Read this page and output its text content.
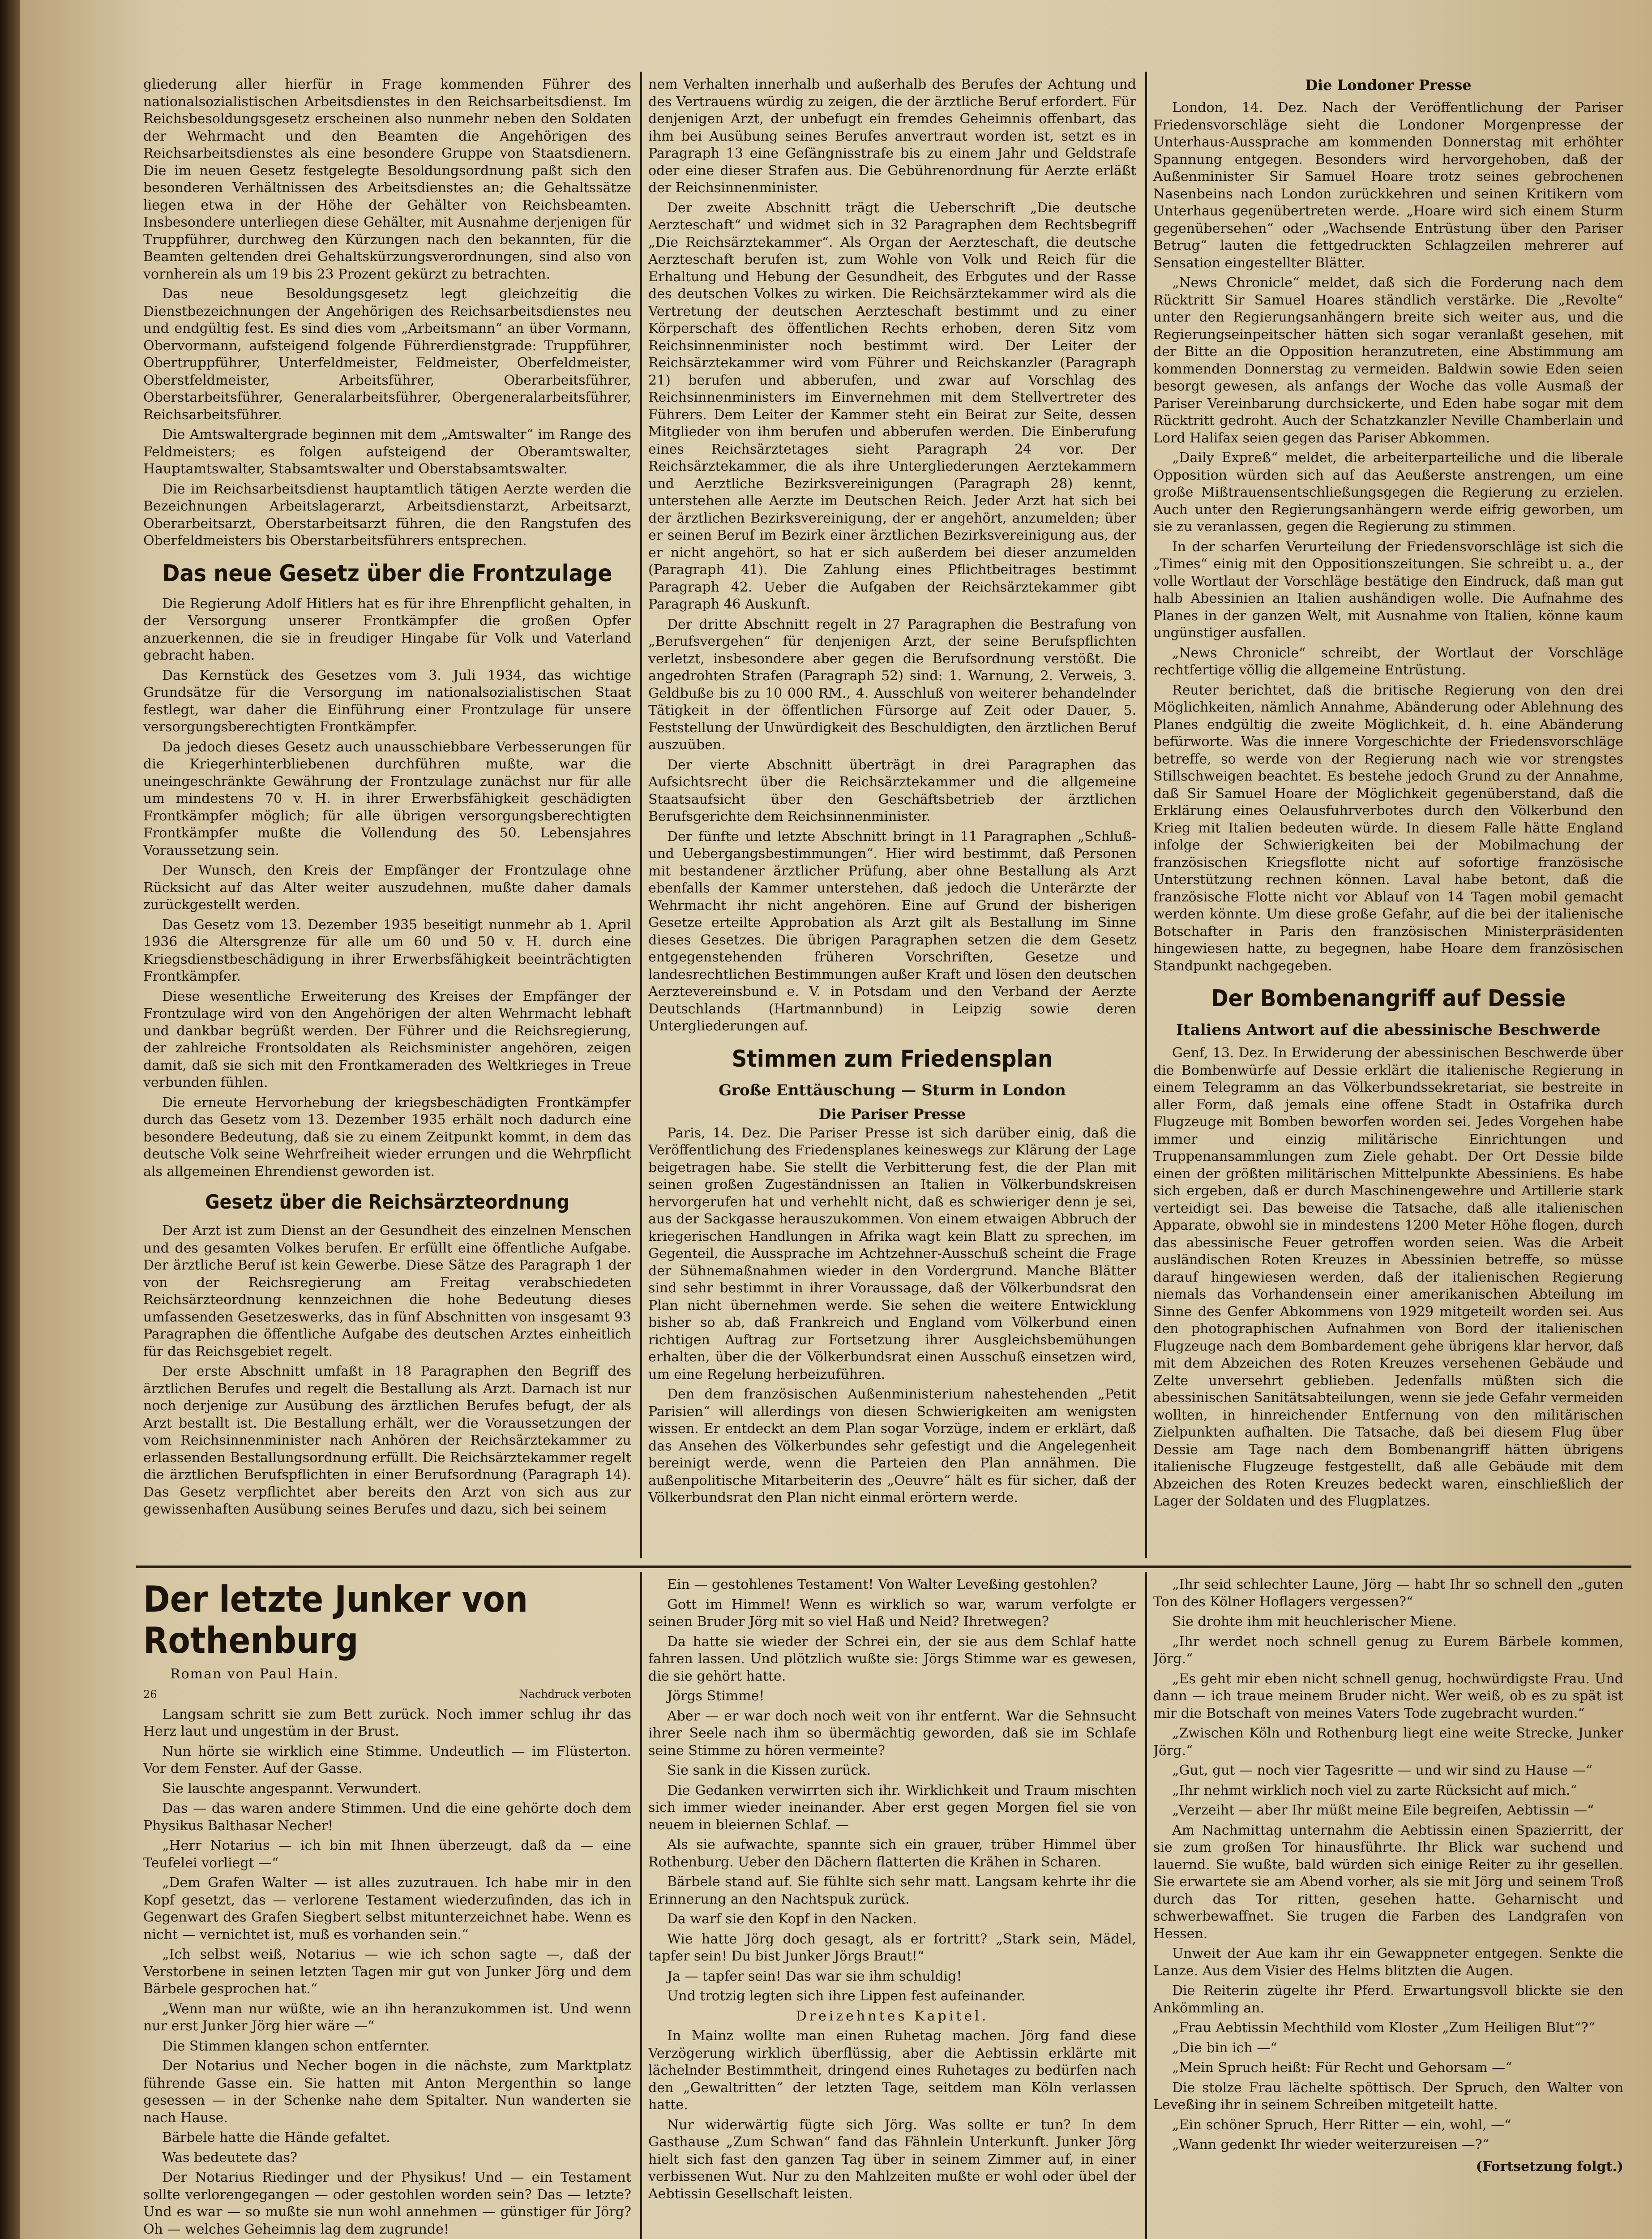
gliederung aller hierfür in Frage kommenden Führer des nationalsozialistischen Arbeitsdienstes in den Reichsarbeitsdienst. Im Reichsbesoldungsgesetz erscheinen also nunmehr neben den Soldaten der Wehrmacht und den Beamten die Angehörigen des Reichsarbeitsdienstes als eine besondere Gruppe von Staatsdienern. Die im neuen Gesetz festgelegte Besoldungsordnung paßt sich den besonderen Verhältnissen des Arbeitsdienstes an; die Gehaltssätze liegen etwa in der Höhe der Gehälter von Reichsbeamten. Insbesondere unterliegen diese Gehälter, mit Ausnahme derjenigen für Truppführer, durchweg den Kürzungen nach den bekannten, für die Beamten geltenden drei Gehaltskürzungsverordnungen, sind also von vornherein als um 19 bis 23 Prozent gekürzt zu betrachten.

Das neue Besoldungsgesetz legt gleichzeitig die Dienstbezeichnungen der Angehörigen des Reichsarbeitsdienstes neu und endgültig fest. Es sind dies vom „Arbeitsmann“ an über Vormann, Obervormann, aufsteigend folgende Führerdienstgrade: Truppführer, Obertruppführer, Unterfeldmeister, Feldmeister, Oberfeldmeister, Oberstfeldmeister, Arbeitsführer, Oberarbeitsführer, Oberstarbeitsführer, Generalarbeitsführer, Obergeneralarbeitsführer, Reichsarbeitsführer.

Die Amtswaltergrade beginnen mit dem „Amtswalter“ im Range des Feldmeisters; es folgen aufsteigend der Oberamtswalter, Hauptamtswalter, Stabsamtswalter und Oberstabsamtswalter.

Die im Reichsarbeitsdienst hauptamtlich tätigen Aerzte werden die Bezeichnungen Arbeitslagerarzt, Arbeitsdienstarzt, Arbeitsarzt, Oberarbeitsarzt, Oberstarbeitsarzt führen, die den Rangstufen des Oberfeldmeisters bis Oberstarbeitsführers entsprechen.

Das neue Gesetz über die Frontzulage

Die Regierung Adolf Hitlers hat es für ihre Ehrenpflicht gehalten, in der Versorgung unserer Frontkämpfer die großen Opfer anzuerkennen, die sie in freudiger Hingabe für Volk und Vaterland gebracht haben.

Das Kernstück des Gesetzes vom 3. Juli 1934, das wichtige Grundsätze für die Versorgung im nationalsozialistischen Staat festlegt, war daher die Einführung einer Frontzulage für unsere versorgungsberechtigten Frontkämpfer.

Da jedoch dieses Gesetz auch unausschiebbare Verbesserungen für die Kriegerhinterbliebenen durchführen mußte, war die uneingeschränkte Gewährung der Frontzulage zunächst nur für alle um mindestens 70 v. H. in ihrer Erwerbsfähigkeit geschädigten Frontkämpfer möglich; für alle übrigen versorgungsberechtigten Frontkämpfer mußte die Vollendung des 50. Lebensjahres Voraussetzung sein.

Der Wunsch, den Kreis der Empfänger der Frontzulage ohne Rücksicht auf das Alter weiter auszudehnen, mußte daher damals zurückgestellt werden.

Das Gesetz vom 13. Dezember 1935 beseitigt nunmehr ab 1. April 1936 die Altersgrenze für alle um 60 und 50 v. H. durch eine Kriegsdienstbeschädigung in ihrer Erwerbsfähigkeit beeinträchtigten Frontkämpfer.

Diese wesentliche Erweiterung des Kreises der Empfänger der Frontzulage wird von den Angehörigen der alten Wehrmacht lebhaft und dankbar begrüßt werden. Der Führer und die Reichsregierung, der zahlreiche Frontsoldaten als Reichsminister angehören, zeigen damit, daß sie sich mit den Frontkameraden des Weltkrieges in Treue verbunden fühlen.

Die erneute Hervorhebung der kriegsbeschädigten Frontkämpfer durch das Gesetz vom 13. Dezember 1935 erhält noch dadurch eine besondere Bedeutung, daß sie zu einem Zeitpunkt kommt, in dem das deutsche Volk seine Wehrfreiheit wieder errungen und die Wehrpflicht als allgemeinen Ehrendienst geworden ist.

Gesetz über die Reichsärzteordnung

Der Arzt ist zum Dienst an der Gesundheit des einzelnen Menschen und des gesamten Volkes berufen. Er erfüllt eine öffentliche Aufgabe. Der ärztliche Beruf ist kein Gewerbe. Diese Sätze des Paragraph 1 der von der Reichsregierung am Freitag verabschiedeten Reichsärzteordnung kennzeichnen die hohe Bedeutung dieses umfassenden Gesetzeswerks, das in fünf Abschnitten von insgesamt 93 Paragraphen die öffentliche Aufgabe des deutschen Arztes einheitlich für das Reichsgebiet regelt.

Der erste Abschnitt umfaßt in 18 Paragraphen den Begriff des ärztlichen Berufes und regelt die Bestallung als Arzt. Darnach ist nur noch derjenige zur Ausübung des ärztlichen Berufes befugt, der als Arzt bestallt ist. Die Bestallung erhält, wer die Voraussetzungen der vom Reichsinnenminister nach Anhören der Reichsärztekammer zu erlassenden Bestallungsordnung erfüllt. Die Reichsärztekammer regelt die ärztlichen Berufspflichten in einer Berufsordnung (Paragraph 14). Das Gesetz verpflichtet aber bereits den Arzt von sich aus zur gewissenhaften Ausübung seines Berufes und dazu, sich bei seinem

nem Verhalten innerhalb und außerhalb des Berufes der Achtung und des Vertrauens würdig zu zeigen, die der ärztliche Beruf erfordert. Für denjenigen Arzt, der unbefugt ein fremdes Geheimnis offenbart, das ihm bei Ausübung seines Berufes anvertraut worden ist, setzt es in Paragraph 13 eine Gefängnisstrafe bis zu einem Jahr und Geldstrafe oder eine dieser Strafen aus. Die Gebührenordnung für Aerzte erläßt der Reichsinnenminister.

Der zweite Abschnitt trägt die Ueberschrift „Die deutsche Aerzteschaft“ und widmet sich in 32 Paragraphen dem Rechtsbegriff „Die Reichsärztekammer“. Als Organ der Aerzteschaft, die deutsche Aerzteschaft berufen ist, zum Wohle von Volk und Reich für die Erhaltung und Hebung der Gesundheit, des Erbgutes und der Rasse des deutschen Volkes zu wirken. Die Reichsärztekammer wird als die Vertretung der deutschen Aerzteschaft bestimmt und zu einer Körperschaft des öffentlichen Rechts erhoben, deren Sitz vom Reichsinnenminister noch bestimmt wird. Der Leiter der Reichsärztekammer wird vom Führer und Reichskanzler (Paragraph 21) berufen und abberufen, und zwar auf Vorschlag des Reichsinnenministers im Einvernehmen mit dem Stellvertreter des Führers. Dem Leiter der Kammer steht ein Beirat zur Seite, dessen Mitglieder von ihm berufen und abberufen werden. Die Einberufung eines Reichsärztetages sieht Paragraph 24 vor. Der Reichsärztekammer, die als ihre Untergliederungen Aerztekammern und Aerztliche Bezirksvereinigungen (Paragraph 28) kennt, unterstehen alle Aerzte im Deutschen Reich. Jeder Arzt hat sich bei der ärztlichen Bezirksvereinigung, der er angehört, anzumelden; über er seinen Beruf im Bezirk einer ärztlichen Bezirksvereinigung aus, der er nicht angehört, so hat er sich außerdem bei dieser anzumelden (Paragraph 41). Die Zahlung eines Pflichtbeitrages bestimmt Paragraph 42. Ueber die Aufgaben der Reichsärztekammer gibt Paragraph 46 Auskunft.

Der dritte Abschnitt regelt in 27 Paragraphen die Bestrafung von „Berufsvergehen“ für denjenigen Arzt, der seine Berufspflichten verletzt, insbesondere aber gegen die Berufsordnung verstößt. Die angedrohten Strafen (Paragraph 52) sind: 1. Warnung, 2. Verweis, 3. Geldbuße bis zu 10 000 RM., 4. Ausschluß von weiterer behandelnder Tätigkeit in der öffentlichen Fürsorge auf Zeit oder Dauer, 5. Feststellung der Unwürdigkeit des Beschuldigten, den ärztlichen Beruf auszuüben.

Der vierte Abschnitt überträgt in drei Paragraphen das Aufsichtsrecht über die Reichsärztekammer und die allgemeine Staatsaufsicht über den Geschäftsbetrieb der ärztlichen Berufsgerichte dem Reichsinnenminister.

Der fünfte und letzte Abschnitt bringt in 11 Paragraphen „Schluß- und Uebergangsbestimmungen“. Hier wird bestimmt, daß Personen mit bestandener ärztlicher Prüfung, aber ohne Bestallung als Arzt ebenfalls der Kammer unterstehen, daß jedoch die Unterärzte der Wehrmacht ihr nicht angehören. Eine auf Grund der bisherigen Gesetze erteilte Approbation als Arzt gilt als Bestallung im Sinne dieses Gesetzes. Die übrigen Paragraphen setzen die dem Gesetz entgegenstehenden früheren Vorschriften, Gesetze und landesrechtlichen Bestimmungen außer Kraft und lösen den deutschen Aerztevereinsbund e. V. in Potsdam und den Verband der Aerzte Deutschlands (Hartmannbund) in Leipzig sowie deren Untergliederungen auf.

Stimmen zum Friedensplan
Große Enttäuschung — Sturm in London
Die Pariser Presse

Paris, 14. Dez. Die Pariser Presse ist sich darüber einig, daß die Veröffentlichung des Friedensplanes keineswegs zur Klärung der Lage beigetragen habe. Sie stellt die Verbitterung fest, die der Plan mit seinen großen Zugeständnissen an Italien in Völkerbundskreisen hervorgerufen hat und verhehlt nicht, daß es schwieriger denn je sei, aus der Sackgasse herauszukommen. Von einem etwaigen Abbruch der kriegerischen Handlungen in Afrika wagt kein Blatt zu sprechen, im Gegenteil, die Aussprache im Achtzehner-Ausschuß scheint die Frage der Sühnemaßnahmen wieder in den Vordergrund. Manche Blätter sind sehr bestimmt in ihrer Voraussage, daß der Völkerbundsrat den Plan nicht übernehmen werde. Sie sehen die weitere Entwicklung bisher so ab, daß Frankreich und England vom Völkerbund einen richtigen Auftrag zur Fortsetzung ihrer Ausgleichsbemühungen erhalten, über die der Völkerbundsrat einen Ausschuß einsetzen wird, um eine Regelung herbeizuführen.

Den dem französischen Außenministerium nahestehenden „Petit Parisien“ will allerdings von diesen Schwierigkeiten am wenigsten wissen. Er entdeckt an dem Plan sogar Vorzüge, indem er erklärt, daß das Ansehen des Völkerbundes sehr gefestigt und die Angelegenheit bereinigt werde, wenn die Parteien den Plan annähmen. Die außenpolitische Mitarbeiterin des „Oeuvre“ hält es für sicher, daß der Völkerbundsrat den Plan nicht einmal erörtern werde.

Die Londoner Presse

London, 14. Dez. Nach der Veröffentlichung der Pariser Friedensvorschläge sieht die Londoner Morgenpresse der Unterhaus-Aussprache am kommenden Donnerstag mit erhöhter Spannung entgegen. Besonders wird hervorgehoben, daß der Außenminister Sir Samuel Hoare trotz seines gebrochenen Nasenbeins nach London zurückkehren und seinen Kritikern vom Unterhaus gegenübertreten werde. „Hoare wird sich einem Sturm gegenübersehen“ oder „Wachsende Entrüstung über den Pariser Betrug“ lauten die fettgedruckten Schlagzeilen mehrerer auf Sensation eingestellter Blätter.

„News Chronicle“ meldet, daß sich die Forderung nach dem Rücktritt Sir Samuel Hoares ständlich verstärke. Die „Revolte“ unter den Regierungsanhängern breite sich weiter aus, und die Regierungseinpeitscher hätten sich sogar veranlaßt gesehen, mit der Bitte an die Opposition heranzutreten, eine Abstimmung am kommenden Donnerstag zu vermeiden. Baldwin sowie Eden seien besorgt gewesen, als anfangs der Woche das volle Ausmaß der Pariser Vereinbarung durchsickerte, und Eden habe sogar mit dem Rücktritt gedroht. Auch der Schatzkanzler Neville Chamberlain und Lord Halifax seien gegen das Pariser Abkommen.

„Daily Expreß“ meldet, die arbeiterparteiliche und die liberale Opposition würden sich auf das Aeußerste anstrengen, um eine große Mißtrauensentschließungsgegen die Regierung zu erzielen. Auch unter den Regierungsanhängern werde eifrig geworben, um sie zu veranlassen, gegen die Regierung zu stimmen.

In der scharfen Verurteilung der Friedensvorschläge ist sich die „Times“ einig mit den Oppositionszeitungen. Sie schreibt u. a., der volle Wortlaut der Vorschläge bestätige den Eindruck, daß man gut halb Abessinien an Italien aushändigen wolle. Die Aufnahme des Planes in der ganzen Welt, mit Ausnahme von Italien, könne kaum ungünstiger ausfallen.

„News Chronicle“ schreibt, der Wortlaut der Vorschläge rechtfertige völlig die allgemeine Entrüstung.

Reuter berichtet, daß die britische Regierung von den drei Möglichkeiten, nämlich Annahme, Abänderung oder Ablehnung des Planes endgültig die zweite Möglichkeit, d. h. eine Abänderung befürworte. Was die innere Vorgeschichte der Friedensvorschläge betreffe, so werde von der Regierung nach wie vor strengstes Stillschweigen beachtet. Es bestehe jedoch Grund zu der Annahme, daß Sir Samuel Hoare der Möglichkeit gegenüberstand, daß die Erklärung eines Oelausfuhrverbotes durch den Völkerbund den Krieg mit Italien bedeuten würde. In diesem Falle hätte England infolge der Schwierigkeiten bei der Mobilmachung der französischen Kriegsflotte nicht auf sofortige französische Unterstützung rechnen können. Laval habe betont, daß die französische Flotte nicht vor Ablauf von 14 Tagen mobil gemacht werden könnte. Um diese große Gefahr, auf die bei der italienische Botschafter in Paris den französischen Ministerpräsidenten hingewiesen hatte, zu begegnen, habe Hoare dem französischen Standpunkt nachgegeben.

Der Bombenangriff auf Dessie
Italiens Antwort auf die abessinische Beschwerde

Genf, 13. Dez. In Erwiderung der abessinischen Beschwerde über die Bombenwürfe auf Dessie erklärt die italienische Regierung in einem Telegramm an das Völkerbundssekretariat, sie bestreite in aller Form, daß jemals eine offene Stadt in Ostafrika durch Flugzeuge mit Bomben beworfen worden sei. Jedes Vorgehen habe immer und einzig militärische Einrichtungen und Truppenansammlungen zum Ziele gehabt. Der Ort Dessie bilde einen der größten militärischen Mittelpunkte Abessiniens. Es habe sich ergeben, daß er durch Maschinengewehre und Artillerie stark verteidigt sei. Das beweise die Tatsache, daß alle italienischen Apparate, obwohl sie in mindestens 1200 Meter Höhe flogen, durch das abessinische Feuer getroffen worden seien. Was die Arbeit ausländischen Roten Kreuzes in Abessinien betreffe, so müsse darauf hingewiesen werden, daß der italienischen Regierung niemals das Vorhandensein einer amerikanischen Abteilung im Sinne des Genfer Abkommens von 1929 mitgeteilt worden sei. Aus den photographischen Aufnahmen von Bord der italienischen Flugzeuge nach dem Bombardement gehe übrigens klar hervor, daß mit dem Abzeichen des Roten Kreuzes versehenen Gebäude und Zelte unversehrt geblieben. Jedenfalls müßten sich die abessinischen Sanitätsabteilungen, wenn sie jede Gefahr vermeiden wollten, in hinreichender Entfernung von den militärischen Zielpunkten aufhalten. Die Tatsache, daß bei diesem Flug über Dessie am Tage nach dem Bombenangriff hätten übrigens italienische Flugzeuge festgestellt, daß alle Gebäude mit dem Abzeichen des Roten Kreuzes bedeckt waren, einschließlich der Lager der Soldaten und des Flugplatzes.

Der letzte Junker von Rothenburg
Roman von Paul Hain.
26	Nachdruck verboten

Langsam schritt sie zum Bett zurück. Noch immer schlug ihr das Herz laut und ungestüm in der Brust.

Nun hörte sie wirklich eine Stimme. Undeutlich — im Flüsterton. Vor dem Fenster. Auf der Gasse.

Sie lauschte angespannt. Verwundert.

Das — das waren andere Stimmen. Und die eine gehörte doch dem Physikus Balthasar Necher!

„Herr Notarius — ich bin mit Ihnen überzeugt, daß da — eine Teufelei vorliegt —“

„Dem Grafen Walter — ist alles zuzutrauen. Ich habe mir in den Kopf gesetzt, das — verlorene Testament wiederzufinden, das ich in Gegenwart des Grafen Siegbert selbst mitunterzeichnet habe. Wenn es nicht — vernichtet ist, muß es vorhanden sein.“

„Ich selbst weiß, Notarius — wie ich schon sagte —, daß der Verstorbene in seinen letzten Tagen mir gut von Junker Jörg und dem Bärbele gesprochen hat.“

„Wenn man nur wüßte, wie an ihn heranzukommen ist. Und wenn nur erst Junker Jörg hier wäre —“

Die Stimmen klangen schon entfernter.

Der Notarius und Necher bogen in die nächste, zum Marktplatz führende Gasse ein. Sie hatten mit Anton Mergenthin so lange gesessen — in der Schenke nahe dem Spitalter. Nun wanderten sie nach Hause.

Bärbele hatte die Hände gefaltet.

Was bedeutete das?

Der Notarius Riedinger und der Physikus! Und — ein Testament sollte verlorengegangen — oder gestohlen worden sein? Das — letzte? Und es war — so mußte sie nun wohl annehmen — günstiger für Jörg? Oh — welches Geheimnis lag dem zugrunde!

Ein — gestohlenes Testament! Von Walter Leveßing gestohlen?

Gott im Himmel! Wenn es wirklich so war, warum verfolgte er seinen Bruder Jörg mit so viel Haß und Neid? Ihretwegen?

Da hatte sie wieder der Schrei ein, der sie aus dem Schlaf hatte fahren lassen. Und plötzlich wußte sie: Jörgs Stimme war es gewesen, die sie gehört hatte.

Jörgs Stimme!

Aber — er war doch noch weit von ihr entfernt. War die Sehnsucht ihrer Seele nach ihm so übermächtig geworden, daß sie im Schlafe seine Stimme zu hören vermeinte?

Sie sank in die Kissen zurück.

Die Gedanken verwirrten sich ihr. Wirklichkeit und Traum mischten sich immer wieder ineinander. Aber erst gegen Morgen fiel sie von neuem in bleiernen Schlaf. —

Als sie aufwachte, spannte sich ein grauer, trüber Himmel über Rothenburg. Ueber den Dächern flatterten die Krähen in Scharen.

Bärbele stand auf. Sie fühlte sich sehr matt. Langsam kehrte ihr die Erinnerung an den Nachtspuk zurück.

Da warf sie den Kopf in den Nacken.

Wie hatte Jörg doch gesagt, als er fortritt? „Stark sein, Mädel, tapfer sein! Du bist Junker Jörgs Braut!“

Ja — tapfer sein! Das war sie ihm schuldig!

Und trotzig legten sich ihre Lippen fest aufeinander.

Dreizehntes Kapitel.

In Mainz wollte man einen Ruhetag machen. Jörg fand diese Verzögerung wirklich überflüssig, aber die Aebtissin erklärte mit lächelnder Bestimmtheit, dringend eines Ruhetages zu bedürfen nach den „Gewaltritten“ der letzten Tage, seitdem man Köln verlassen hatte.

Nur widerwärtig fügte sich Jörg. Was sollte er tun? In dem Gasthause „Zum Schwan“ fand das Fähnlein Unterkunft. Junker Jörg hielt sich fast den ganzen Tag über in seinem Zimmer auf, in einer verbissenen Wut. Nur zu den Mahlzeiten mußte er wohl oder übel der Aebtissin Gesellschaft leisten.

„Ihr seid schlechter Laune, Jörg — habt Ihr so schnell den „guten Ton des Kölner Hoflagers vergessen?“

Sie drohte ihm mit heuchlerischer Miene.

„Ihr werdet noch schnell genug zu Eurem Bärbele kommen, Jörg.“

„Es geht mir eben nicht schnell genug, hochwürdigste Frau. Und dann — ich traue meinem Bruder nicht. Wer weiß, ob es zu spät ist mir die Botschaft von meines Vaters Tode zugebracht wurden.“

„Zwischen Köln und Rothenburg liegt eine weite Strecke, Junker Jörg.“

„Gut, gut — noch vier Tagesritte — und wir sind zu Hause —“

„Ihr nehmt wirklich noch viel zu zarte Rücksicht auf mich.“

„Verzeiht — aber Ihr müßt meine Eile begreifen, Aebtissin —“

Am Nachmittag unternahm die Aebtissin einen Spazierritt, der sie zum großen Tor hinausführte. Ihr Blick war suchend und lauernd. Sie wußte, bald würden sich einige Reiter zu ihr gesellen. Sie erwartete sie am Abend vorher, als sie mit Jörg und seinem Troß durch das Tor ritten, gesehen hatte. Geharnischt und schwerbewaffnet. Sie trugen die Farben des Landgrafen von Hessen.

Unweit der Aue kam ihr ein Gewappneter entgegen. Senkte die Lanze. Aus dem Visier des Helms blitzten die Augen.

Die Reiterin zügelte ihr Pferd. Erwartungsvoll blickte sie den Ankömmling an.

„Frau Aebtissin Mechthild vom Kloster „Zum Heiligen Blut“?“

„Die bin ich —“

„Mein Spruch heißt: Für Recht und Gehorsam —“

Die stolze Frau lächelte spöttisch. Der Spruch, den Walter von Leveßing ihr in seinem Schreiben mitgeteilt hatte.

„Ein schöner Spruch, Herr Ritter — ein, wohl, —“

„Wann gedenkt Ihr wieder weiterzureisen —?“

(Fortsetzung folgt.)
